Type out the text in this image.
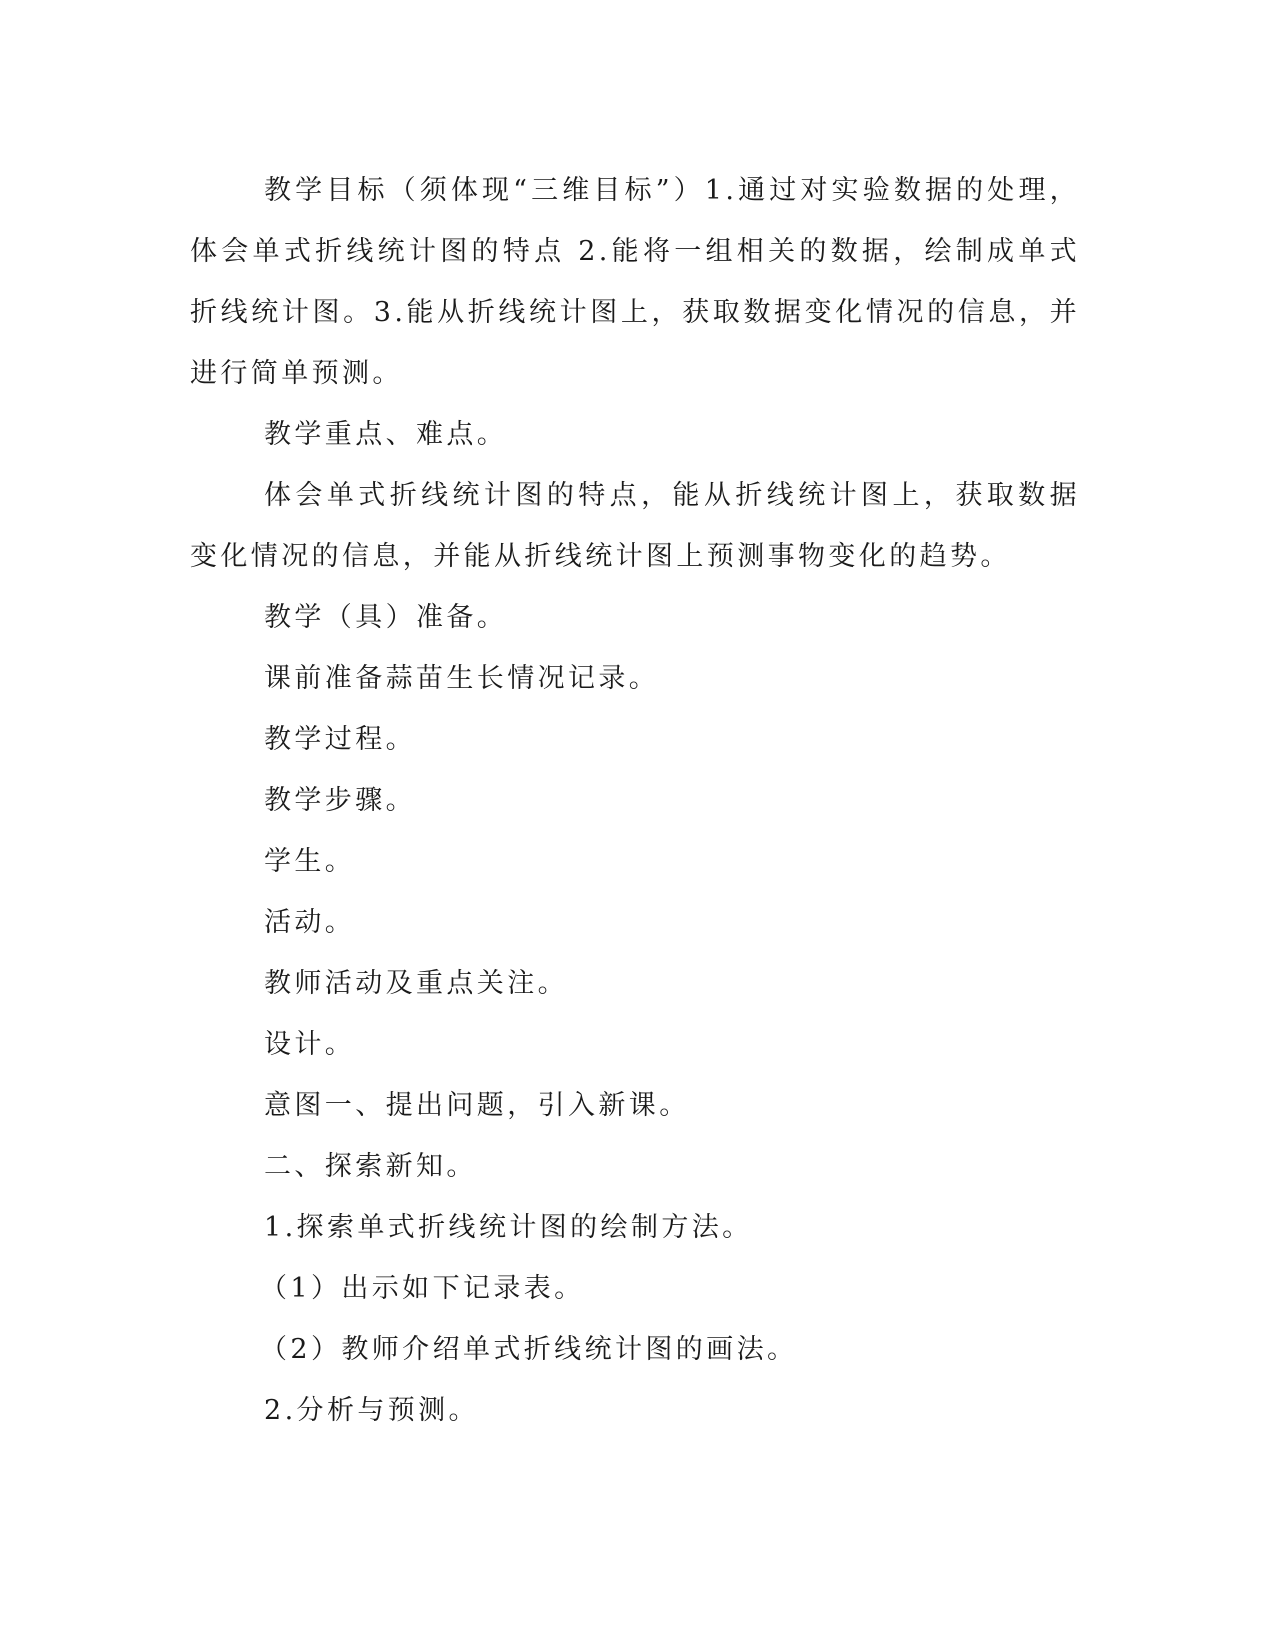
教学目标（须体现“三维目标”）1.通过对实验数据的处理，体会单式折线统计图的特点 2.能将一组相关的数据，绘制成单式折线统计图。3.能从折线统计图上，获取数据变化情况的信息，并进行简单预测。

教学重点、难点。

体会单式折线统计图的特点，能从折线统计图上，获取数据变化情况的信息，并能从折线统计图上预测事物变化的趋势。

教学（具）准备。

课前准备蒜苗生长情况记录。

教学过程。

教学步骤。

学生。

活动。

教师活动及重点关注。

设计。

意图一、提出问题，引入新课。

二、探索新知。

1.探索单式折线统计图的绘制方法。

（1）出示如下记录表。

（2）教师介绍单式折线统计图的画法。

2.分析与预测。
